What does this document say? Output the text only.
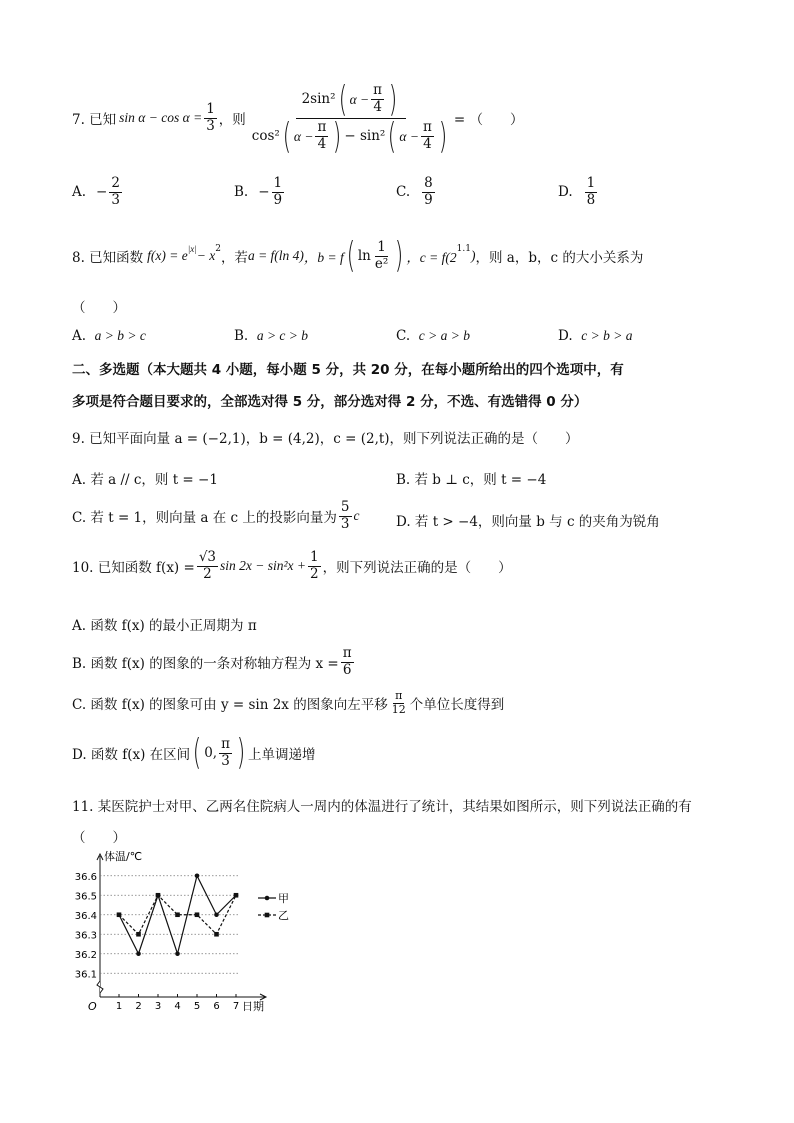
7. 已知 $\sin \alpha - \cos \alpha = \frac{1}{3}$ ，则 $\frac{2\sin^2 ( \alpha - \frac{\pi}{4} )}{\cos^2 ( \alpha - \frac{\pi}{4} ) - \sin^2 ( \alpha - \frac{\pi}{4} )}$ = （　　）
A. − $\frac{2}{3}$	B. − $\frac{1}{9}$	C. $\frac{8}{9}$	D. $\frac{1}{8}$
8. 已知函数 $f(x) = e^{|x|} - x^2$
，若 a = f(ln 4) ，b = f ( $\ln \frac{1}{\text{e²}}$ ) ，c = f(2
$^{1.1}$ ) ，则 a，b，c 的大小关系为
（　　）
A. a > b > c	B. a > c > b	C. c > a > b	D. c > b > a
二、多选题（本大题共 4 小题，每小题 5 分，共 20 分，在每小题所给出的四个选项中，有
多项是符合题目要求的，全部选对得 5 分，部分选对得 2 分，不选、有选错得 0 分）
9. 已知平面向量 a = (−2,1)，b = (4,2)，c = (2,t)，则下列说法正确的是（　　）
A. 若 a // c，则 t = −1	B. 若 b ⊥ c，则 t = −4
C. 若 t = 1，则向量 a 在 c 上的投影向量为 $\frac{5}{3}$ c	D. 若 t > −4，则向量 b 与 c 的夹角为锐角
10. 已知函数 $f(x) = \frac{√3}{2}$ $\sin 2x - \sin^2x + \frac{1}{2}$ ，则下列说法正确的是（　　）
A. 函数 f(x) 的最小正周期为 π
B. 函数 f(x) 的图象的一条对称轴方程为 $x = \frac{\pi}{6}$
C. 函数 f(x) 的图象可由 y = sin 2x 的图象向左平移 $\frac{\pi}{12}$ 个单位长度得到
D. 函数 f(x) 在区间 ( 0, $\frac{\pi}{3}$ ) 上单调递增
11. 某医院护士对甲、乙两名住院病人一周内的体温进行了统计，其结果如图所示，则下列说法正确的有
（　　）
体温/℃
日期
O
36.1
36.2
36.3
36.4
36.5
36.6
1 2 3 4 5 6 7
甲
乙
